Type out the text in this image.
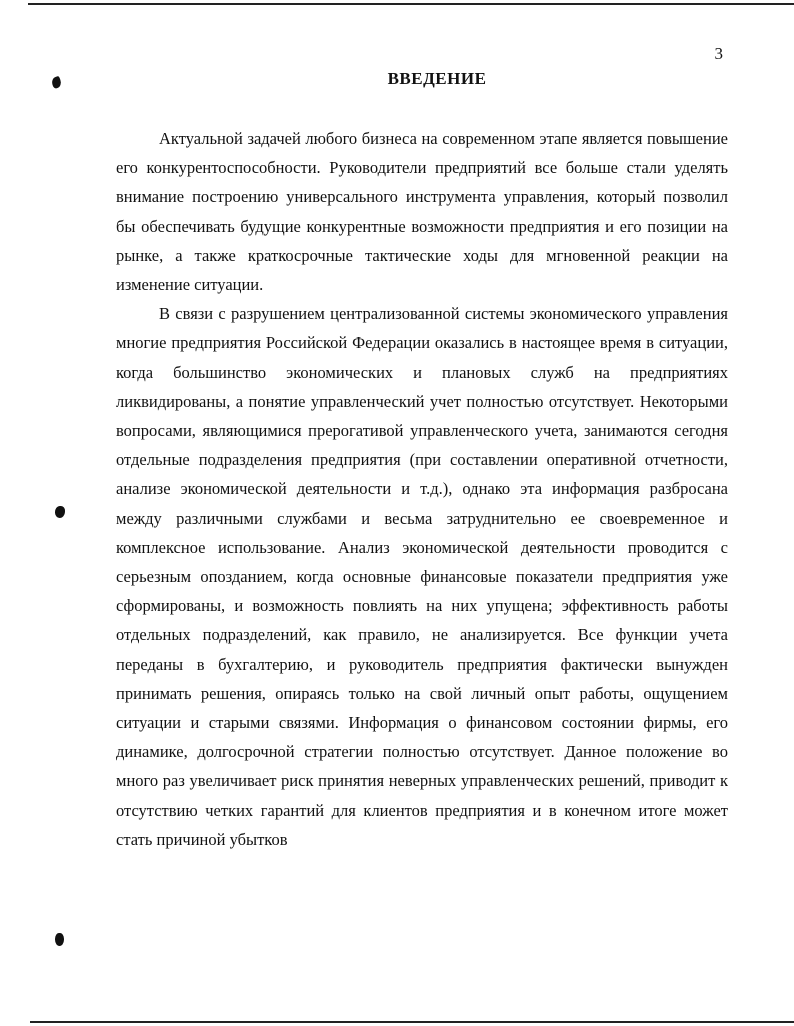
3
ВВЕДЕНИЕ

Актуальной задачей любого бизнеса на современном этапе является повышение его конкурентоспособности. Руководители предприятий все больше стали уделять внимание построению универсального инструмента управления, который позволил бы обеспечивать будущие конкурентные возможности предприятия и его позиции на рынке, а также краткосрочные тактические ходы для мгновенной реакции на изменение ситуации.

В связи с разрушением централизованной системы экономического управления многие предприятия Российской Федерации оказались в настоящее время в ситуации, когда большинство экономических и плановых служб на предприятиях ликвидированы, а понятие управленческий учет полностью отсутствует. Некоторыми вопросами, являющимися прерогативой управленческого учета, занимаются сегодня отдельные подразделения предприятия (при составлении оперативной отчетности, анализе экономической деятельности и т.д.), однако эта информация разбросана между различными службами и весьма затруднительно ее своевременное и комплексное использование. Анализ экономической деятельности проводится с серьезным опозданием, когда основные финансовые показатели предприятия уже сформированы, и возможность повлиять на них упущена; эффективность работы отдельных подразделений, как правило, не анализируется. Все функции учета переданы в бухгалтерию, и руководитель предприятия фактически вынужден принимать решения, опираясь только на свой личный опыт работы, ощущением ситуации и старыми связями. Информация о финансовом состоянии фирмы, его динамике, долгосрочной стратегии полностью отсутствует. Данное положение во много раз увеличивает риск принятия неверных управленческих решений, приводит к отсутствию четких гарантий для клиентов предприятия и в конечном итоге может стать причиной убытков
